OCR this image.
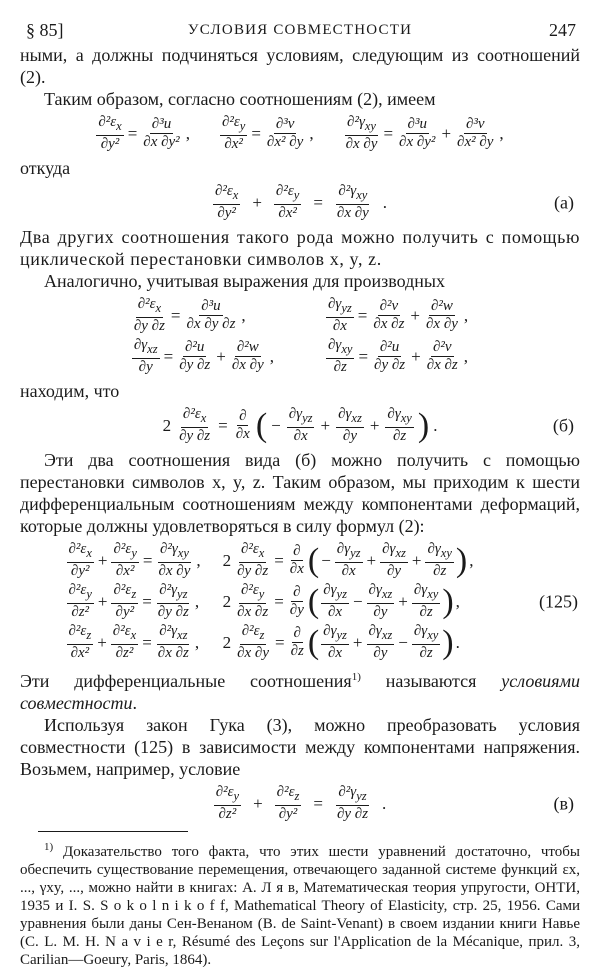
§ 85]	УСЛОВИЯ СОВМЕСТНОСТИ	247

ными, а должны подчиняться условиям, следующим из соотношений (2).

Таким образом, согласно соотношениям (2), имеем

$\frac{\partial^2\varepsilon_x}{\text{∂y²}} = \frac{\text{∂³u}}{\text{∂x ∂y²}}$ , $\frac{\partial^2\varepsilon_y}{\text{∂x²}} = \frac{\text{∂³v}}{\text{∂x² ∂y}}$ , $\frac{\partial^2\gamma_{xy}}{\partial x \partial y} = \frac{\text{∂³u}}{\text{∂x ∂y²}} + \frac{\text{∂³v}}{\text{∂x² ∂y}}$ ,

откуда

$\frac{\partial^2\varepsilon_x}{\text{∂y²}} + \frac{\partial^2\varepsilon_y}{\text{∂x²}} = \frac{\partial^2\gamma_{xy}}{\partial x \partial y}$ .	(а)

Два других соотношения такого рода можно получить с помощью циклической перестановки символов x, y, z.

Аналогично, учитывая выражения для производных

$\frac{\partial^2\varepsilon_x}{\partial y \partial z} = \frac{\text{∂³u}}{\partial x \partial y \partial z}$ ,	$\frac{\partial\gamma_{yz}}{\partial x} = \frac{\text{∂²v}}{\partial x \partial z} + \frac{\text{∂²w}}{\partial x \partial y}$ ,
$\frac{\partial\gamma_{xz}}{\partial y} = \frac{\text{∂²u}}{\partial y \partial z} + \frac{\text{∂²w}}{\partial x \partial y}$ ,	$\frac{\partial\gamma_{xy}}{\partial z} = \frac{\text{∂²u}}{\partial y \partial z} + \frac{\text{∂²v}}{\partial x \partial z}$ ,

находим, что

$2 \frac{\partial^2\varepsilon_x}{\partial y \partial z} = \frac{\partial}{\partial x}$ ( − $\frac{\partial\gamma_{yz}}{\partial x} + \frac{\partial\gamma_{xz}}{\partial y} + \frac{\partial\gamma_{xy}}{\partial z}$ ) .	(б)

Эти два соотношения вида (б) можно получить с помощью перестановки символов x, y, z. Таким образом, мы приходим к шести дифференциальным соотношениям между компонентами деформаций, которые должны удовлетворяться в силу формул (2):

$\frac{\partial^2\varepsilon_x}{\text{∂y²}} + \frac{\partial^2\varepsilon_y}{\text{∂x²}} = \frac{\partial^2\gamma_{xy}}{\partial x \partial y}$ , $2 \frac{\partial^2\varepsilon_x}{\partial y \partial z} = \frac{\partial}{\partial x}$ ( − $\frac{\partial\gamma_{yz}}{\partial x} + \frac{\partial\gamma_{xz}}{\partial y} + \frac{\partial\gamma_{xy}}{\partial z}$ ) ,
$\frac{\partial^2\varepsilon_y}{\text{∂z²}} + \frac{\partial^2\varepsilon_z}{\text{∂y²}} = \frac{\partial^2\gamma_{yz}}{\partial y \partial z}$ , $2 \frac{\partial^2\varepsilon_y}{\partial x \partial z} = \frac{\partial}{\partial y}$ ( $\frac{\partial\gamma_{yz}}{\partial x} - \frac{\partial\gamma_{xz}}{\partial y} + \frac{\partial\gamma_{xy}}{\partial z}$ ) ,
$\frac{\partial^2\varepsilon_z}{\text{∂x²}} + \frac{\partial^2\varepsilon_x}{\text{∂z²}} = \frac{\partial^2\gamma_{xz}}{\partial x \partial z}$ , $2 \frac{\partial^2\varepsilon_z}{\partial x \partial y} = \frac{\partial}{\partial z}$ ( $\frac{\partial\gamma_{yz}}{\partial x} + \frac{\partial\gamma_{xz}}{\partial y} - \frac{\partial\gamma_{xy}}{\partial z}$ ) .
(125)

Эти дифференциальные соотношения$^{1)}$ называются условиями совместности.

Используя закон Гука (3), можно преобразовать условия совместности (125) в зависимости между компонентами напряжения. Возьмем, например, условие

$\frac{\partial^2\varepsilon_y}{\text{∂z²}} + \frac{\partial^2\varepsilon_z}{\text{∂y²}} = \frac{\partial^2\gamma_{yz}}{\partial y \partial z}$ .	(в)

$^{1)}$ Доказательство того факта, что этих шести уравнений достаточно, чтобы обеспечить существование перемещения, отвечающего заданной системе функций εx, ..., γxy, ..., можно найти в книгах: А. Л я в, Математическая теория упругости, ОНТИ, 1935 и I. S. S o k o l n i k o f f, Mathematical Theory of Elasticity, стр. 25, 1956. Сами уравнения были даны Сен-Венаном (B. de Saint-Venant) в своем издании книги Навье (C. L. M. H. N a v i e r, Résumé des Leçons sur l'Application de la Mécanique, прил. 3, Carilian—Goeury, Paris, 1864).
